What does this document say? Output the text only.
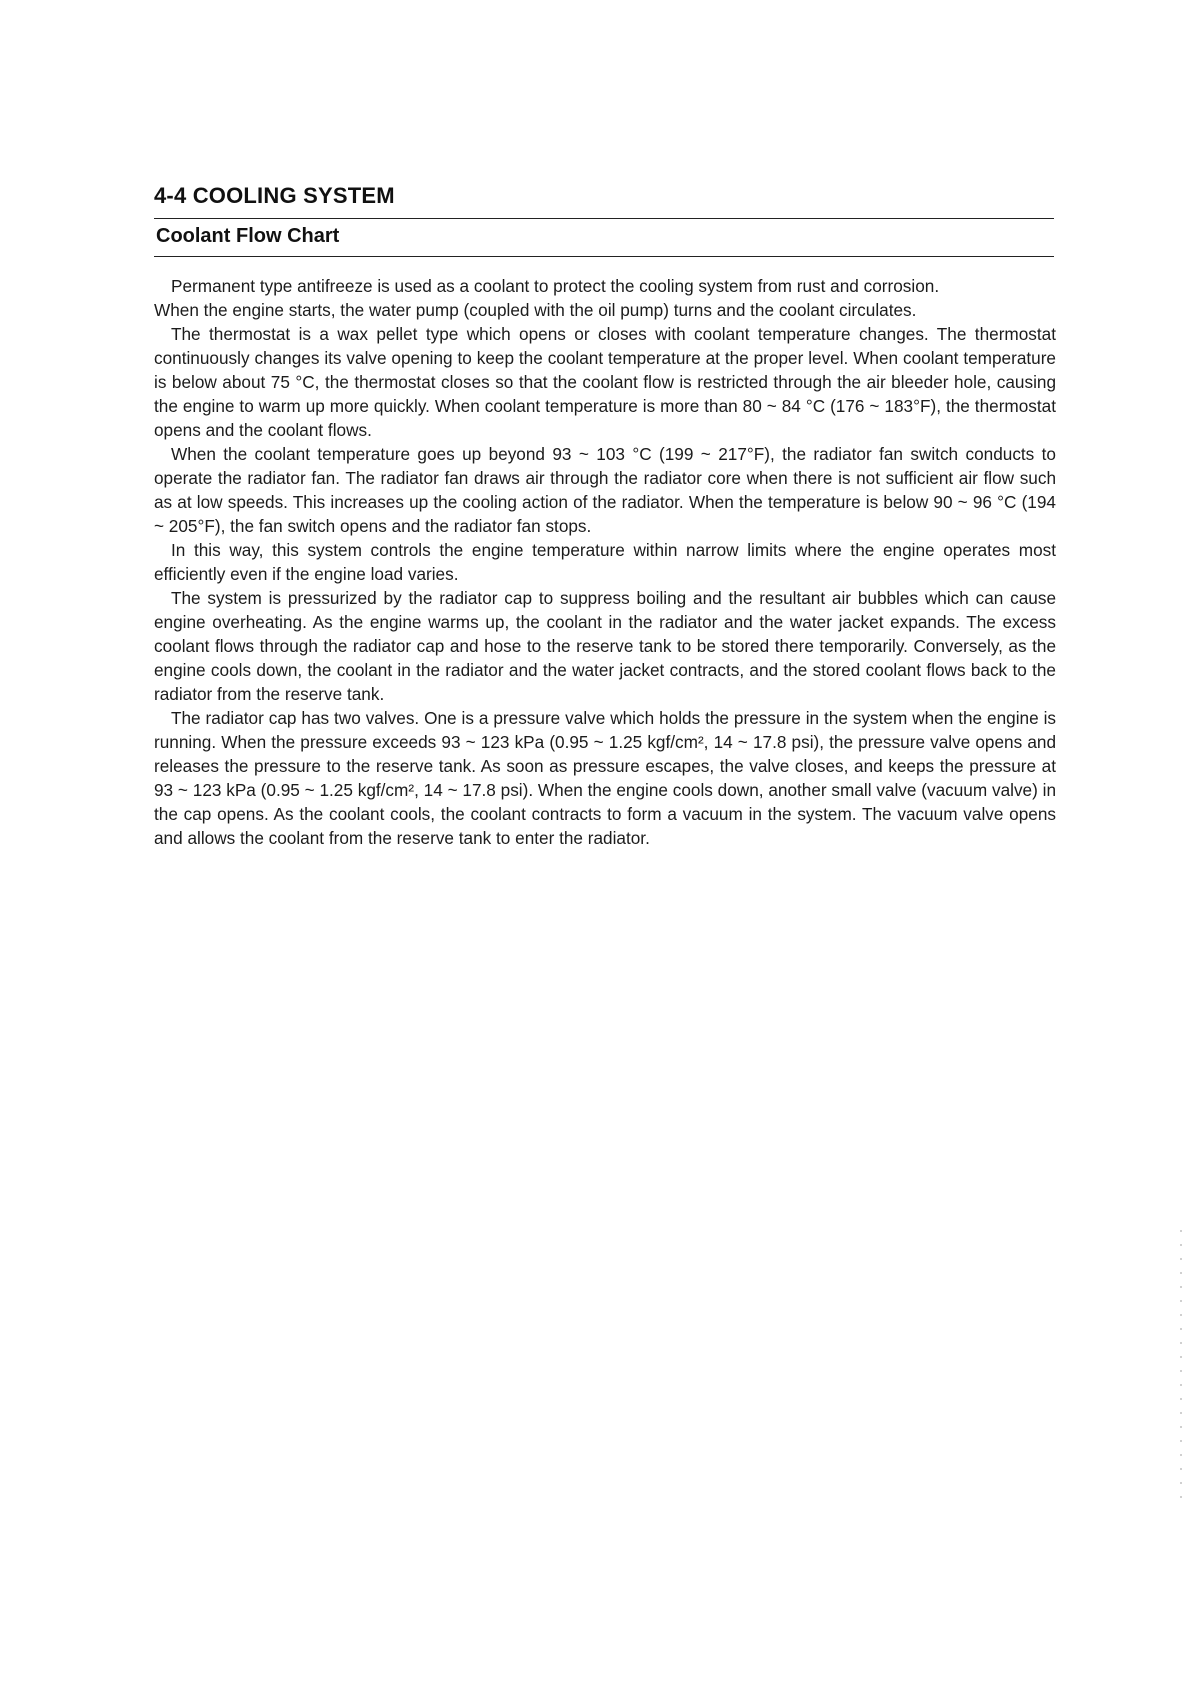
4-4 COOLING SYSTEM
Coolant Flow Chart

Permanent type antifreeze is used as a coolant to protect the cooling system from rust and corrosion.

When the engine starts, the water pump (coupled with the oil pump) turns and the coolant circulates.

The thermostat is a wax pellet type which opens or closes with coolant temperature changes. The thermostat continuously changes its valve opening to keep the coolant temperature at the proper level. When coolant temperature is below about 75 °C, the thermostat closes so that the coolant flow is restricted through the air bleeder hole, causing the engine to warm up more quickly. When coolant temperature is more than 80 ~ 84 °C (176 ~ 183°F), the thermostat opens and the coolant flows.

When the coolant temperature goes up beyond 93 ~ 103 °C (199 ~ 217°F), the radiator fan switch conducts to operate the radiator fan. The radiator fan draws air through the radiator core when there is not sufficient air flow such as at low speeds. This increases up the cooling action of the radiator. When the temperature is below 90 ~ 96 °C (194 ~ 205°F), the fan switch opens and the radiator fan stops.

In this way, this system controls the engine temperature within narrow limits where the engine operates most efficiently even if the engine load varies.

The system is pressurized by the radiator cap to suppress boiling and the resultant air bubbles which can cause engine overheating. As the engine warms up, the coolant in the radiator and the water jacket expands. The excess coolant flows through the radiator cap and hose to the reserve tank to be stored there temporarily. Conversely, as the engine cools down, the coolant in the radiator and the water jacket contracts, and the stored coolant flows back to the radiator from the reserve tank.

The radiator cap has two valves. One is a pressure valve which holds the pressure in the system when the engine is running. When the pressure exceeds 93 ~ 123 kPa (0.95 ~ 1.25 kgf/cm², 14 ~ 17.8 psi), the pressure valve opens and releases the pressure to the reserve tank. As soon as pressure escapes, the valve closes, and keeps the pressure at 93 ~ 123 kPa (0.95 ~ 1.25 kgf/cm², 14 ~ 17.8 psi). When the engine cools down, another small valve (vacuum valve) in the cap opens. As the coolant cools, the coolant contracts to form a vacuum in the system. The vacuum valve opens and allows the coolant from the reserve tank to enter the radiator.
